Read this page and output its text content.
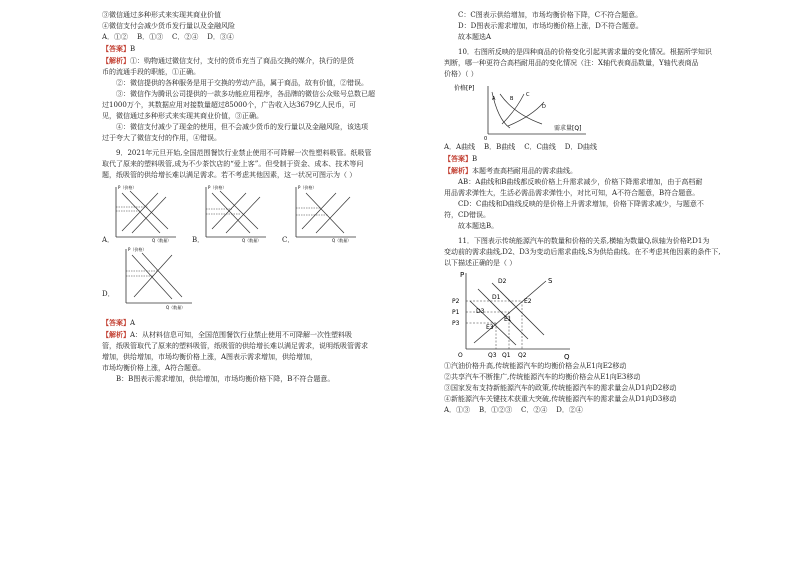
③微信通过多种形式来实现其商业价值

④微信支付会减少货币发行量以及金融风险

A．①②    B．①③    C．②④    D．③④

【答案】B

【解析】①：购物通过微信支付，支付的货币充当了商品交换的媒介，执行的是货

币的流通手段的职能，①正确。

②：微信提供的各种服务是用于交换的劳动产品，属于商品，故有价值，②错误。

③：微信作为腾讯公司提供的一款多功能应用程序，各品牌的微信公众账号总数已超

过1000万个，其数据应用对接数量超过85000个，广告收入达3679亿人民币，可

见，微信通过多种形式来实现其商业价值，③正确。

④：微信支付减少了现金的使用，但不会减少货币的发行量以及金融风险，该选项

过于夸大了微信支付的作用，④错误。

9．2021年元旦开始,全国范围餐饮行业禁止使用不可降解一次性塑料吸管。纸吸管

取代了原来的塑料吸管,成为不少茶饮店的“爱上客”。但受制于资金、成本、技术等问

题，纸吸管的供给增长难以满足需求。若不考虑其他因素，这一状况可图示为（ ）

P（价格）
Q（数量）
A．
P（价格）
Q（数量）
B．
P（价格）
Q（数量）
C．
P（价格）
Q（数量）
D．

【答案】A

【解析】A：从材料信息可知，全国范围餐饮行业禁止使用不可降解一次性塑料吸

管，纸吸管取代了原来的塑料吸管，纸吸管的供给增长难以满足需求，说明纸吸管需求

增加，供给增加，市场均衡价格上涨，A图表示需求增加，供给增加，

市场均衡价格上涨，A符合题意。

B：B图表示需求增加，供给增加，市场均衡价格下降，B不符合题意。

C：C图表示供给增加，市场均衡价格下降，C不符合题意。

D：D图表示需求增加，市场均衡价格上涨，D不符合题意。

故本题选A

10．右图所反映的是四种商品的价格变化引起其需求量的变化情况。根据所学知识

判断，哪一种更符合高档耐用品的变化情况（注：X轴代表商品数量，Y轴代表商品

价格）（ ）

价格[P]
需求量[Q]
0
A	B
C
D

A．A曲线    B．B曲线    C．C曲线    D．D曲线

【答案】B

【解析】本题考查高档耐用品的需求曲线。

AB：A曲线和B曲线都反映价格上升需求减少，价格下降需求增加，由于高档耐

用品需求弹性大，生活必需品需求弹性小，对比可知，A不符合题意，B符合题意。

CD：C曲线和D曲线反映的是价格上升需求增加，价格下降需求减少，与题意不

符，CD错误。

故本题选B。

11．下图表示传统能源汽车的数量和价格的关系,横轴为数量Q,纵轴为价格P,D1为

变动前的需求曲线,D2、D3为变动后需求曲线,S为供给曲线。在不考虑其他因素的条件下,

以下描述正确的是（ ）

P
Q
O
P2
P1
P3
S
D2
D1
D3
E2
E1
E3
Q3 Q1 Q2

①汽油价格升高,传统能源汽车的均衡价格会从E1向E2移动

②共享汽车不断推广,传统能源汽车的均衡价格会从E1向E3移动

③国家发布支持新能源汽车的政策,传统能源汽车的需求量会从D1向D2移动

④新能源汽车关键技术获重大突破,传统能源汽车的需求量会从D1向D3移动

A．①③    B．①②③    C．②④    D．②④
